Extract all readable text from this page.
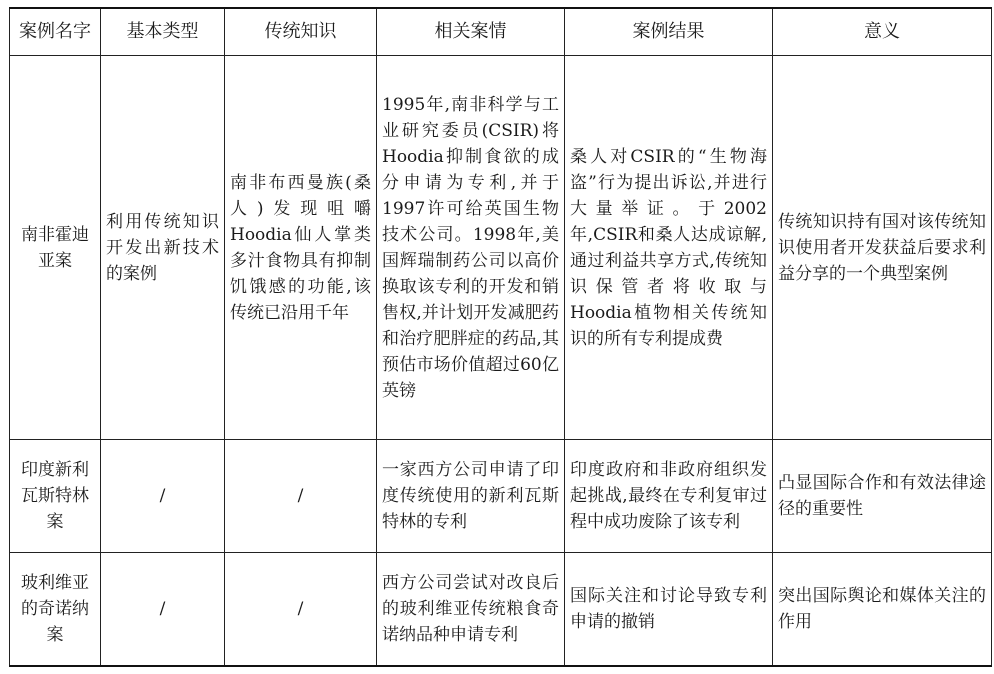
案例名字	基本类型	传统知识	相关案情	案例结果	意义
南非霍迪亚案	利用传统知识开发出新技术的案例	南非布西曼族(桑人)发现咀嚼Hoodia仙人掌类多汁食物具有抑制饥饿感的功能,该传统已沿用千年	1995年,南非科学与工业研究委员(CSIR)将Hoodia抑制食欲的成分申请为专利,并于1997许可给英国生物技术公司。1998年,美国辉瑞制药公司以高价换取该专利的开发和销售权,并计划开发减肥药和治疗肥胖症的药品,其预估市场价值超过60亿英镑	桑人对CSIR的“生物海盗”行为提出诉讼,并进行大量举证。于2002年,CSIR和桑人达成谅解,通过利益共享方式,传统知识保管者将收取与Hoodia植物相关传统知识的所有专利提成费	传统知识持有国对该传统知识使用者开发获益后要求利益分享的一个典型案例
印度新利瓦斯特林案	/	/	一家西方公司申请了印度传统使用的新利瓦斯特林的专利	印度政府和非政府组织发起挑战,最终在专利复审过程中成功废除了该专利	凸显国际合作和有效法律途径的重要性
玻利维亚的奇诺纳案	/	/	西方公司尝试对改良后的玻利维亚传统粮食奇诺纳品种申请专利	国际关注和讨论导致专利申请的撤销	突出国际舆论和媒体关注的作用
